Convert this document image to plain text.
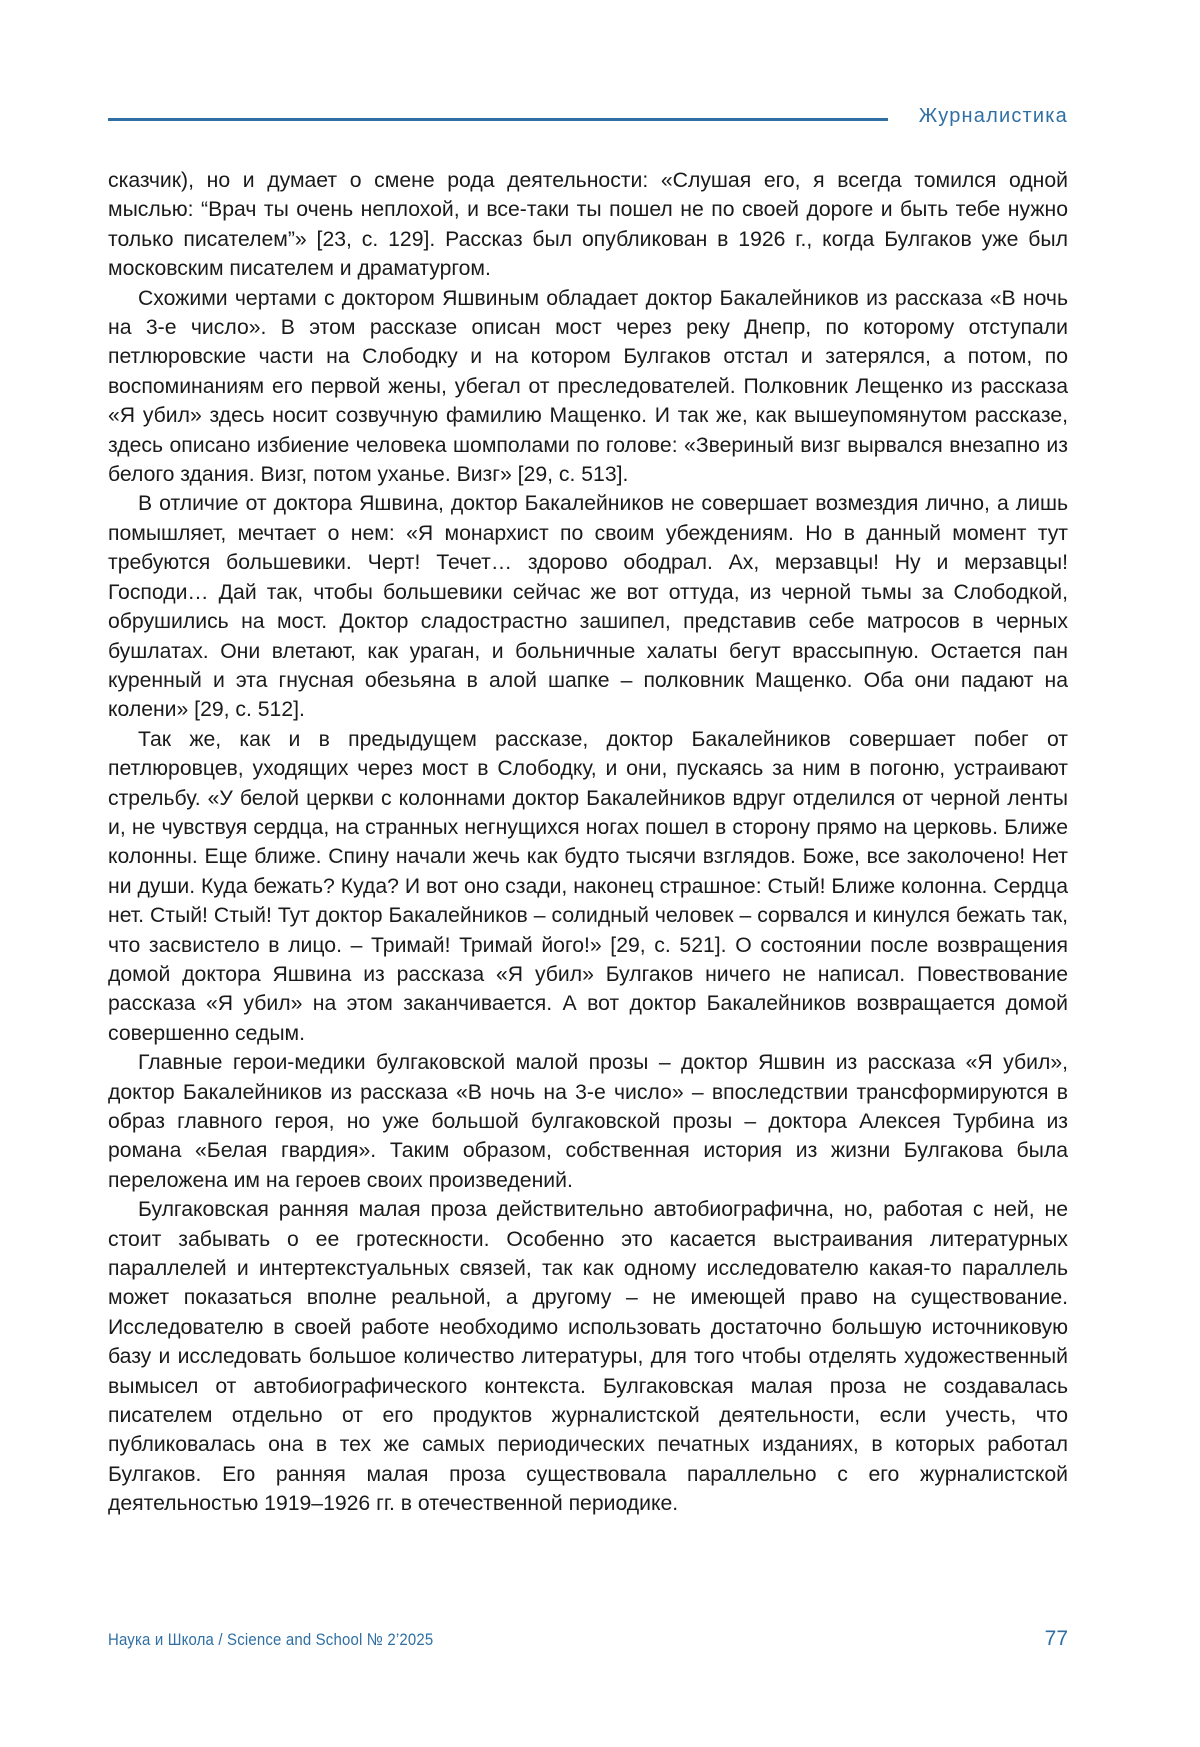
Журналистика

сказчик), но и думает о смене рода деятельности: «Слушая его, я всегда томился одной мыслью: “Врач ты очень неплохой, и все-таки ты пошел не по своей дороге и быть тебе нужно только писателем”» [23, с. 129]. Рассказ был опубликован в 1926 г., когда Булгаков уже был московским писателем и драматургом.

Схожими чертами с доктором Яшвиным обладает доктор Бакалейников из рассказа «В ночь на 3-е число». В этом рассказе описан мост через реку Днепр, по которому отступали петлюровские части на Слободку и на котором Булгаков отстал и затерялся, а потом, по воспоминаниям его первой жены, убегал от преследователей. Полковник Лещенко из рассказа «Я убил» здесь носит созвучную фамилию Мащенко. И так же, как вышеупомянутом рассказе, здесь описано избиение человека шомполами по голове: «Звериный визг вырвался внезапно из белого здания. Визг, потом уханье. Визг» [29, с. 513].

В отличие от доктора Яшвина, доктор Бакалейников не совершает возмездия лично, а лишь помышляет, мечтает о нем: «Я монархист по своим убеждениям. Но в данный момент тут требуются большевики. Черт! Течет… здорово ободрал. Ах, мерзавцы! Ну и мерзавцы! Господи… Дай так, чтобы большевики сейчас же вот оттуда, из черной тьмы за Слободкой, обрушились на мост. Доктор сладострастно зашипел, представив себе матросов в черных бушлатах. Они влетают, как ураган, и больничные халаты бегут врассыпную. Остается пан куренный и эта гнусная обезьяна в алой шапке – полковник Мащенко. Оба они падают на колени» [29, с. 512].

Так же, как и в предыдущем рассказе, доктор Бакалейников совершает побег от петлюровцев, уходящих через мост в Слободку, и они, пускаясь за ним в погоню, устраивают стрельбу. «У белой церкви с колоннами доктор Бакалейников вдруг отделился от черной ленты и, не чувствуя сердца, на странных негнущихся ногах пошел в сторону прямо на церковь. Ближе колонны. Еще ближе. Спину начали жечь как будто тысячи взглядов. Боже, все заколочено! Нет ни души. Куда бежать? Куда? И вот оно сзади, наконец страшное: Стый! Ближе колонна. Сердца нет. Стый! Стый! Тут доктор Бакалейников – солидный человек – сорвался и кинулся бежать так, что засвистело в лицо. – Тримай! Тримай його!» [29, с. 521]. О состоянии после возвращения домой доктора Яшвина из рассказа «Я убил» Булгаков ничего не написал. Повествование рассказа «Я убил» на этом заканчивается. А вот доктор Бакалейников возвращается домой совершенно седым.

Главные герои-медики булгаковской малой прозы – доктор Яшвин из рассказа «Я убил», доктор Бакалейников из рассказа «В ночь на 3-е число» – впоследствии трансформируются в образ главного героя, но уже большой булгаковской прозы – доктора Алексея Турбина из романа «Белая гвардия». Таким образом, собственная история из жизни Булгакова была переложена им на героев своих произведений.

Булгаковская ранняя малая проза действительно автобиографична, но, работая с ней, не стоит забывать о ее гротескности. Особенно это касается выстраивания литературных параллелей и интертекстуальных связей, так как одному исследователю какая-то параллель может показаться вполне реальной, а другому – не имеющей право на существование. Исследователю в своей работе необходимо использовать достаточно большую источниковую базу и исследовать большое количество литературы, для того чтобы отделять художественный вымысел от автобиографического контекста. Булгаковская малая проза не создавалась писателем отдельно от его продуктов журналистской деятельности, если учесть, что публиковалась она в тех же самых периодических печатных изданиях, в которых работал Булгаков. Его ранняя малая проза существовала параллельно с его журналистской деятельностью 1919–1926 гг. в отечественной периодике.

Наука и Школа / Science and School № 2’2025	77
